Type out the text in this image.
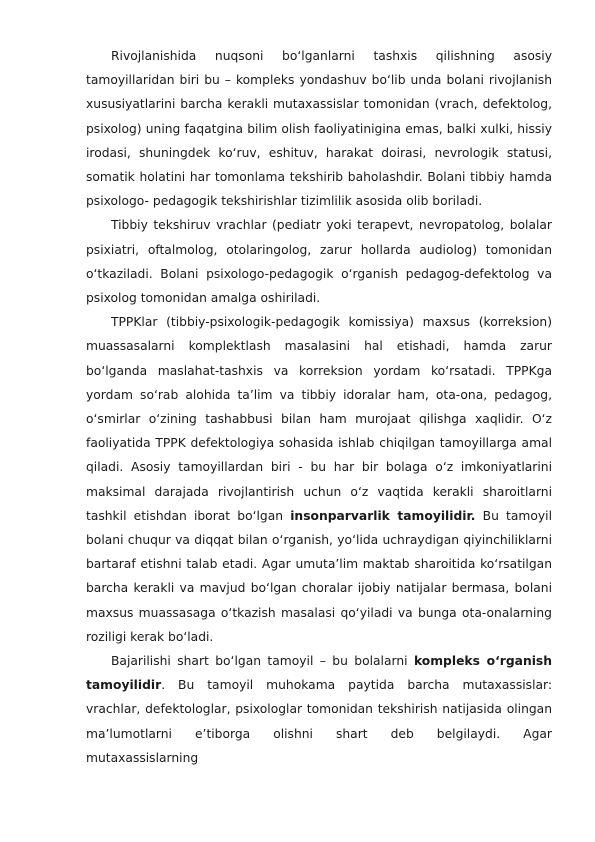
Rivojlanishida nuqsoni bo‘lganlarni tashxis qilishning asosiy tamoyillaridan biri bu – kompleks yondashuv bo‘lib unda bolani rivojlanish xususiyatlarini barcha kerakli mutaxassislar tomonidan (vrach, defektolog, psixolog) uning faqatgina bilim olish faoliyatinigina emas, balki xulki, hissiy irodasi, shuningdek ko‘ruv, eshituv, harakat doirasi, nevrologik statusi, somatik holatini har tomonlama tekshirib baholashdir. Bolani tibbiy hamda psixologo- pedagogik tekshirishlar tizimlilik asosida olib boriladi.

Tibbiy tekshiruv vrachlar (pediatr yoki terapevt, nevropatolog, bolalar psixiatri, oftalmolog, otolaringolog, zarur hollarda audiolog) tomonidan o‘tkaziladi. Bolani psixologo-pedagogik o‘rganish pedagog-defektolog va psixolog tomonidan amalga oshiriladi.

TPPKlar (tibbiy-psixologik-pedagogik komissiya) maxsus (korreksion) muassasalarni komplektlash masalasini hal etishadi, hamda zarur bo‘lganda maslahat-tashxis va korreksion yordam ko‘rsatadi. TPPKga yordam so‘rab alohida ta’lim va tibbiy idoralar ham, ota-ona, pedagog, o‘smirlar o‘zining tashabbusi bilan ham murojaat qilishga xaqlidir. O‘z faoliyatida TPPK defektologiya sohasida ishlab chiqilgan tamoyillarga amal qiladi. Asosiy tamoyillardan biri - bu har bir bolaga o‘z imkoniyatlarini maksimal darajada rivojlantirish uchun o‘z vaqtida kerakli sharoitlarni tashkil etishdan iborat bo‘lgan insonparvarlik tamoyilidir. Bu tamoyil bolani chuqur va diqqat bilan o‘rganish, yo‘lida uchraydigan qiyinchiliklarni bartaraf etishni talab etadi. Agar umuta’lim maktab sharoitida ko‘rsatilgan barcha kerakli va mavjud bo‘lgan choralar ijobiy natijalar bermasa, bolani maxsus muassasaga o‘tkazish masalasi qo‘yiladi va bunga ota-onalarning roziligi kerak bo‘ladi.

Bajarilishi shart bo‘lgan tamoyil – bu bolalarni kompleks o‘rganish tamoyilidir. Bu tamoyil muhokama paytida barcha mutaxassislar: vrachlar, defektologlar, psixologlar tomonidan tekshirish natijasida olingan ma’lumotlarni e’tiborga olishni shart deb belgilaydi. Agar mutaxassislarning
